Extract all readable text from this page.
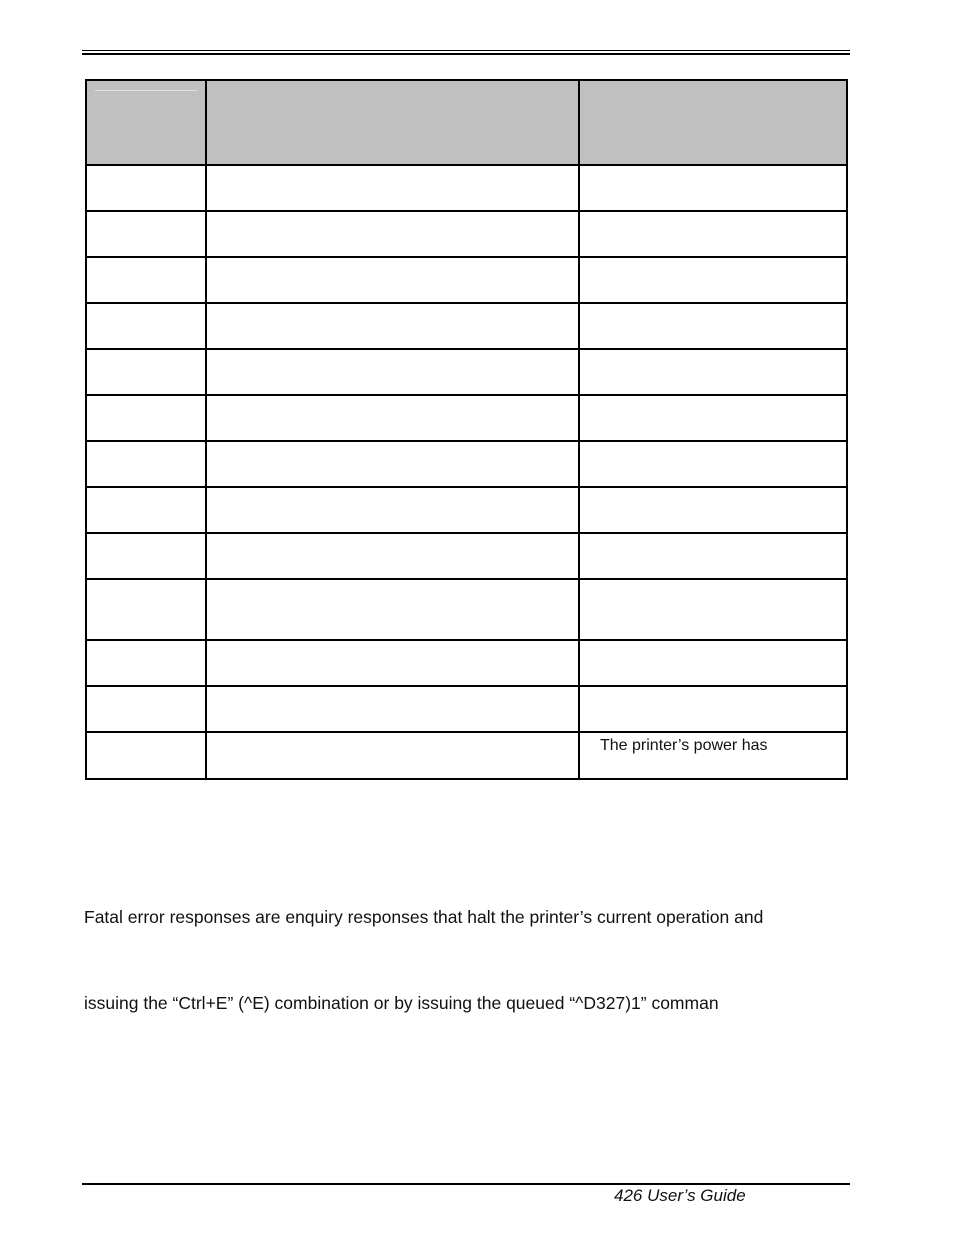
		The printer’s power has
Fatal error responses are enquiry responses that halt the printer’s current operation and
issuing the “Ctrl+E” (^E) combination or by issuing the queued “^D327)1” comman
426 User’s Guide
